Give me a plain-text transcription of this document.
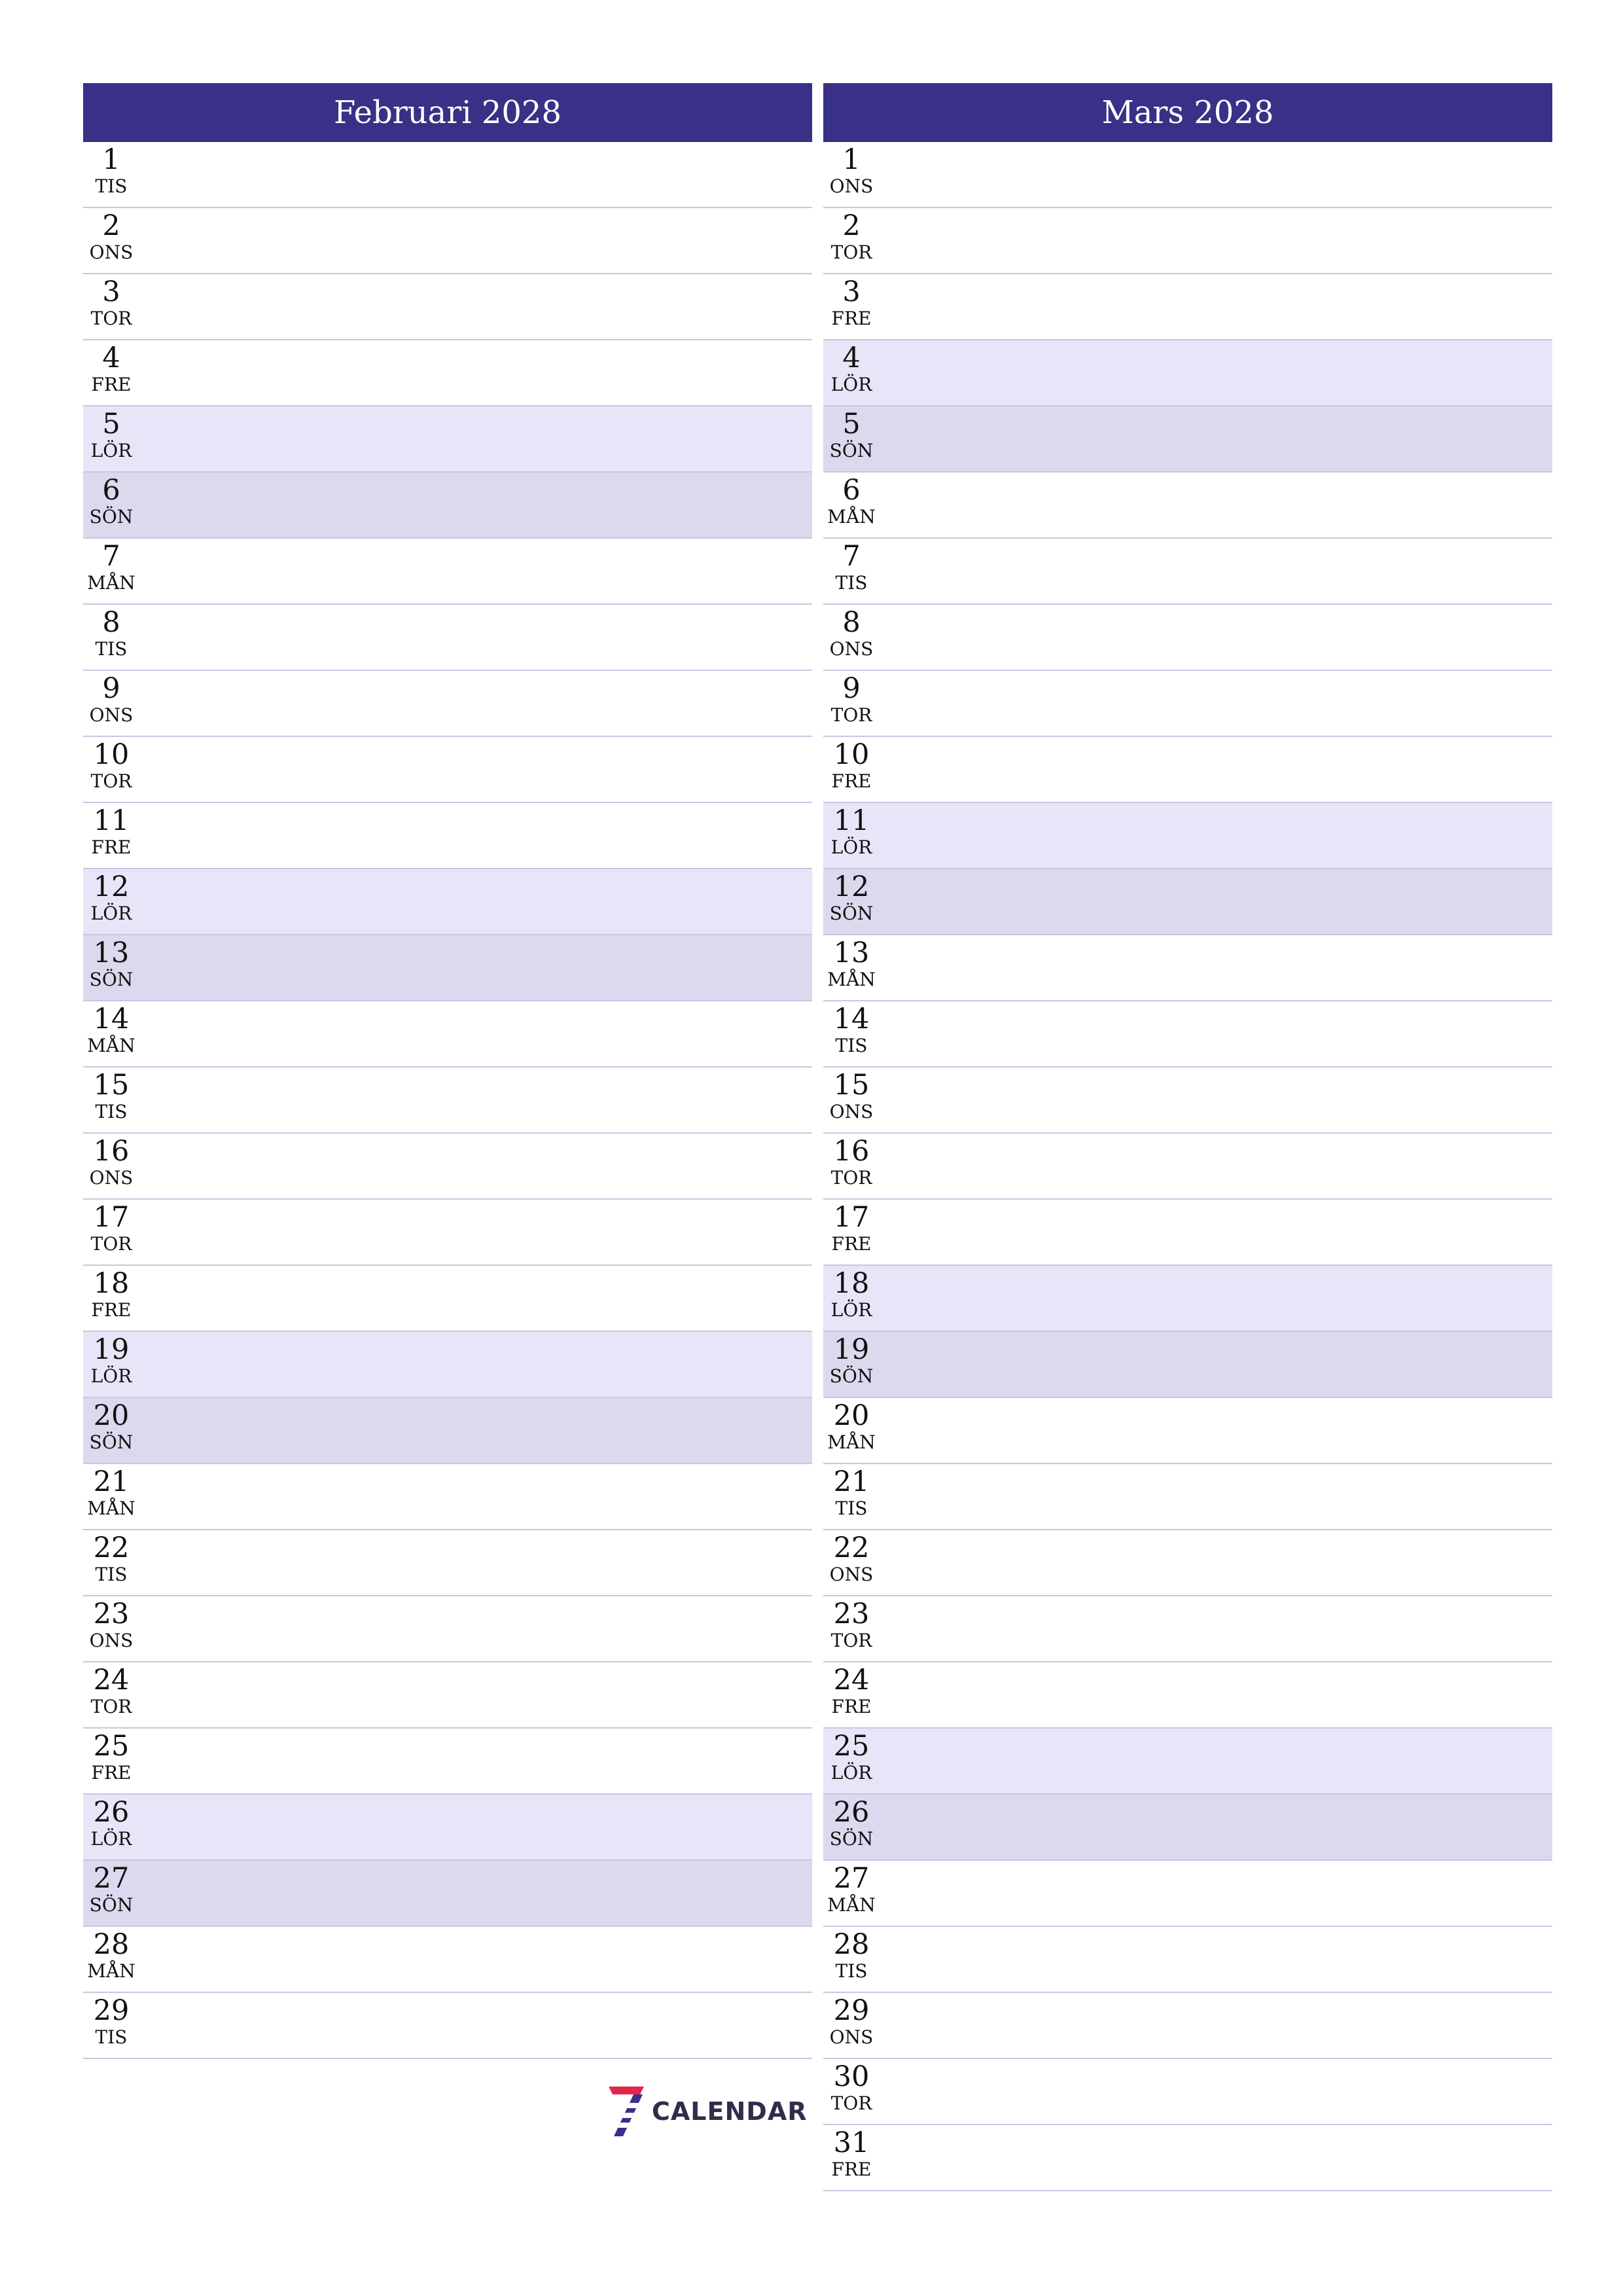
Februari 2028
1
TIS
2
ONS
3
TOR
4
FRE
5
LÖR
6
SÖN
7
MÅN
8
TIS
9
ONS
10
TOR
11
FRE
12
LÖR
13
SÖN
14
MÅN
15
TIS
16
ONS
17
TOR
18
FRE
19
LÖR
20
SÖN
21
MÅN
22
TIS
23
ONS
24
TOR
25
FRE
26
LÖR
27
SÖN
28
MÅN
29
TIS
Mars 2028
1
ONS
2
TOR
3
FRE
4
LÖR
5
SÖN
6
MÅN
7
TIS
8
ONS
9
TOR
10
FRE
11
LÖR
12
SÖN
13
MÅN
14
TIS
15
ONS
16
TOR
17
FRE
18
LÖR
19
SÖN
20
MÅN
21
TIS
22
ONS
23
TOR
24
FRE
25
LÖR
26
SÖN
27
MÅN
28
TIS
29
ONS
30
TOR
31
FRE
CALENDAR
